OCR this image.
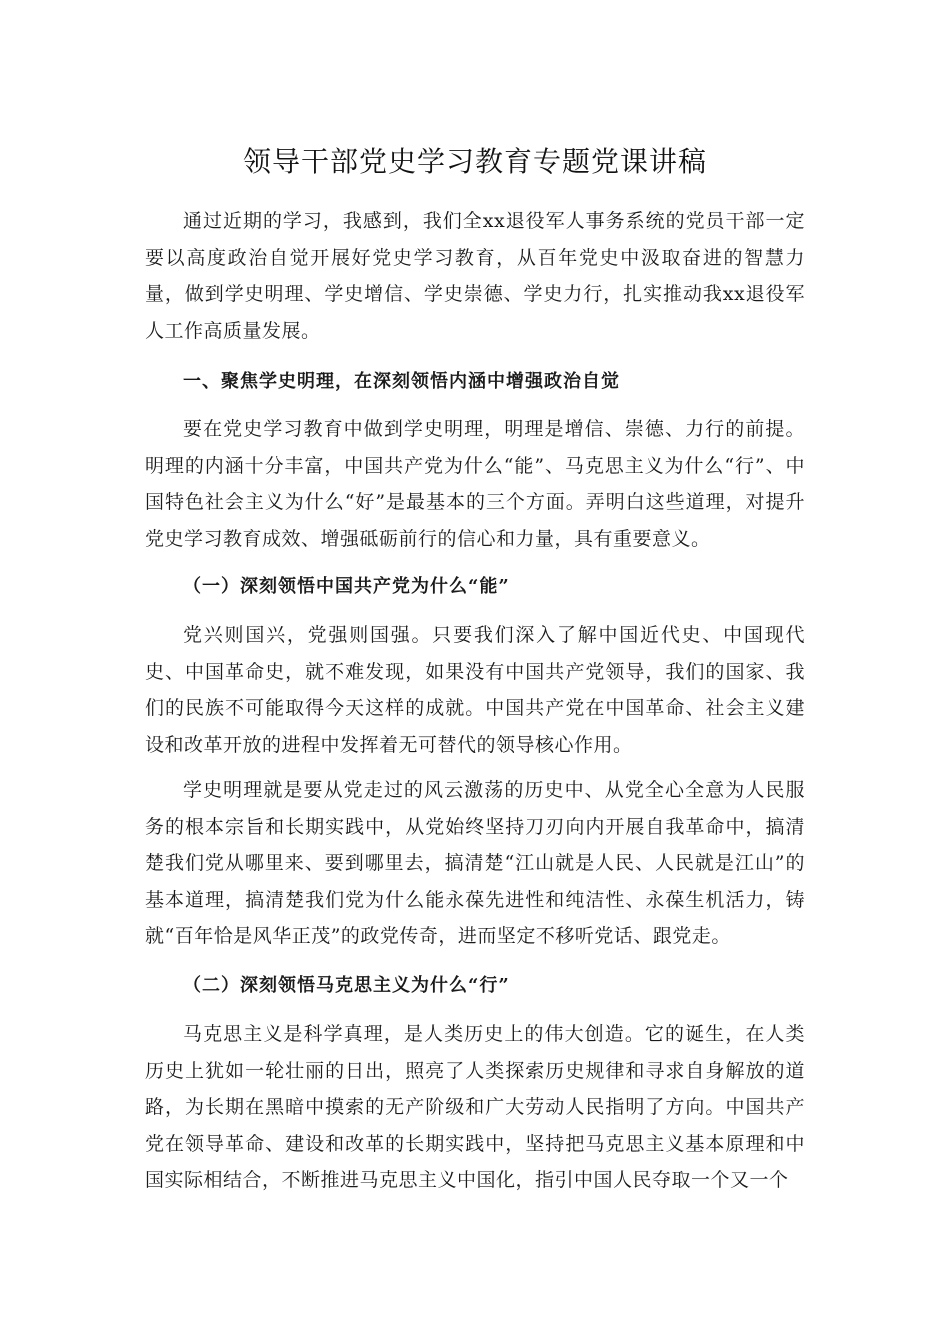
领导干部党史学习教育专题党课讲稿

通过近期的学习，我感到，我们全xx退役军人事务系统的党员干部一定要以高度政治自觉开展好党史学习教育，从百年党史中汲取奋进的智慧力量，做到学史明理、学史增信、学史崇德、学史力行，扎实推动我xx退役军人工作高质量发展。

一、聚焦学史明理，在深刻领悟内涵中增强政治自觉

要在党史学习教育中做到学史明理，明理是增信、崇德、力行的前提。明理的内涵十分丰富，中国共产党为什么“能”、马克思主义为什么“行”、中国特色社会主义为什么“好”是最基本的三个方面。弄明白这些道理，对提升党史学习教育成效、增强砥砺前行的信心和力量，具有重要意义。

（一）深刻领悟中国共产党为什么“能”

党兴则国兴，党强则国强。只要我们深入了解中国近代史、中国现代史、中国革命史，就不难发现，如果没有中国共产党领导，我们的国家、我们的民族不可能取得今天这样的成就。中国共产党在中国革命、社会主义建设和改革开放的进程中发挥着无可替代的领导核心作用。

学史明理就是要从党走过的风云激荡的历史中、从党全心全意为人民服务的根本宗旨和长期实践中，从党始终坚持刀刃向内开展自我革命中，搞清楚我们党从哪里来、要到哪里去，搞清楚“江山就是人民、人民就是江山”的基本道理，搞清楚我们党为什么能永葆先进性和纯洁性、永葆生机活力，铸就“百年恰是风华正茂”的政党传奇，进而坚定不移听党话、跟党走。

（二）深刻领悟马克思主义为什么“行”

马克思主义是科学真理，是人类历史上的伟大创造。它的诞生，在人类历史上犹如一轮壮丽的日出，照亮了人类探索历史规律和寻求自身解放的道路，为长期在黑暗中摸索的无产阶级和广大劳动人民指明了方向。中国共产党在领导革命、建设和改革的长期实践中，坚持把马克思主义基本原理和中国实际相结合，不断推进马克思主义中国化，指引中国人民夺取一个又一个
